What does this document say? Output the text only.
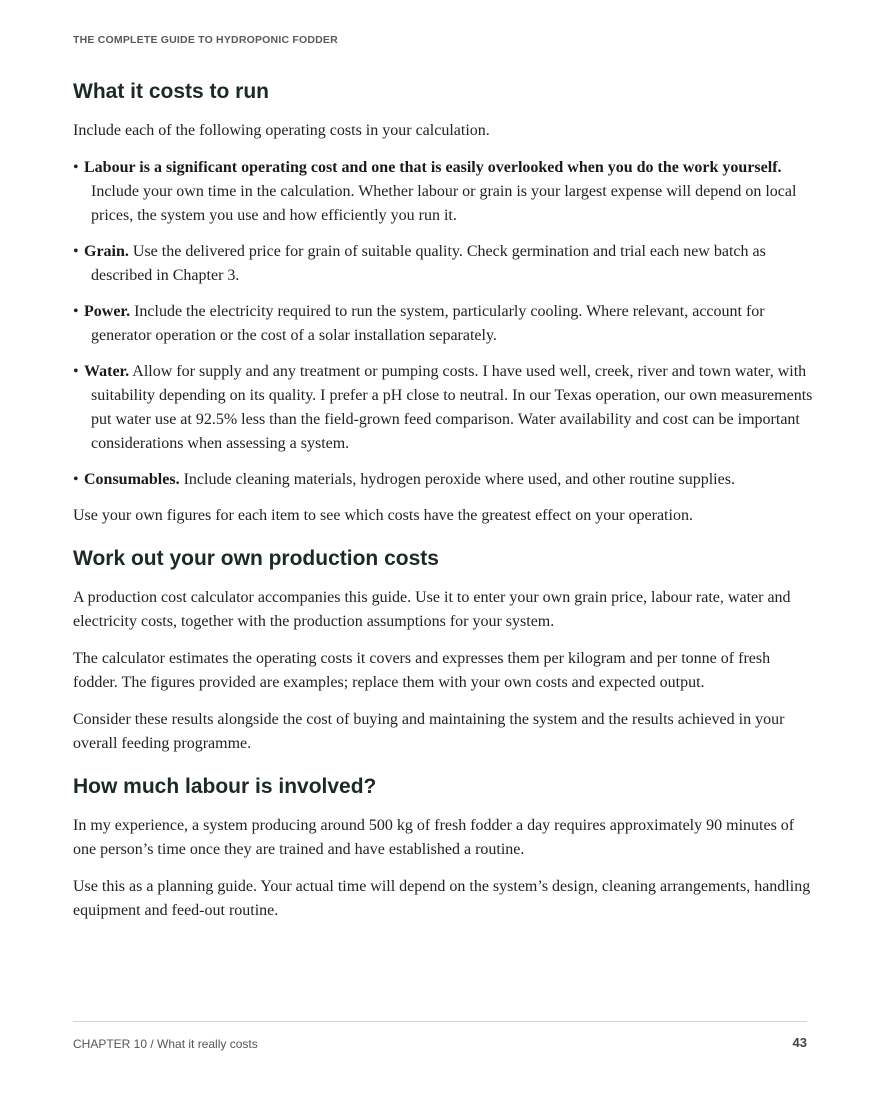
THE COMPLETE GUIDE TO HYDROPONIC FODDER
What it costs to run

Include each of the following operating costs in your calculation.

• Labour is a significant operating cost and one that is easily overlooked when you do the work yourself. Include your own time in the calculation. Whether labour or grain is your largest expense will depend on local prices, the system you use and how efficiently you run it.
• Grain. Use the delivered price for grain of suitable quality. Check germination and trial each new batch as described in Chapter 3.
• Power. Include the electricity required to run the system, particularly cooling. Where relevant, account for generator operation or the cost of a solar installation separately.
• Water. Allow for supply and any treatment or pumping costs. I have used well, creek, river and town water, with suitability depending on its quality. I prefer a pH close to neutral. In our Texas operation, our own measurements put water use at 92.5% less than the field-grown feed comparison. Water availability and cost can be important considerations when assessing a system.
• Consumables. Include cleaning materials, hydrogen peroxide where used, and other routine supplies.

Use your own figures for each item to see which costs have the greatest effect on your operation.

Work out your own production costs

A production cost calculator accompanies this guide. Use it to enter your own grain price, labour rate, water and electricity costs, together with the production assumptions for your system.

The calculator estimates the operating costs it covers and expresses them per kilogram and per tonne of fresh fodder. The figures provided are examples; replace them with your own costs and expected output.

Consider these results alongside the cost of buying and maintaining the system and the results achieved in your overall feeding programme.

How much labour is involved?

In my experience, a system producing around 500 kg of fresh fodder a day requires approximately 90 minutes of one person’s time once they are trained and have established a routine.

Use this as a planning guide. Your actual time will depend on the system’s design, cleaning arrangements, handling equipment and feed-out routine.

CHAPTER 10 / What it really costs	43
